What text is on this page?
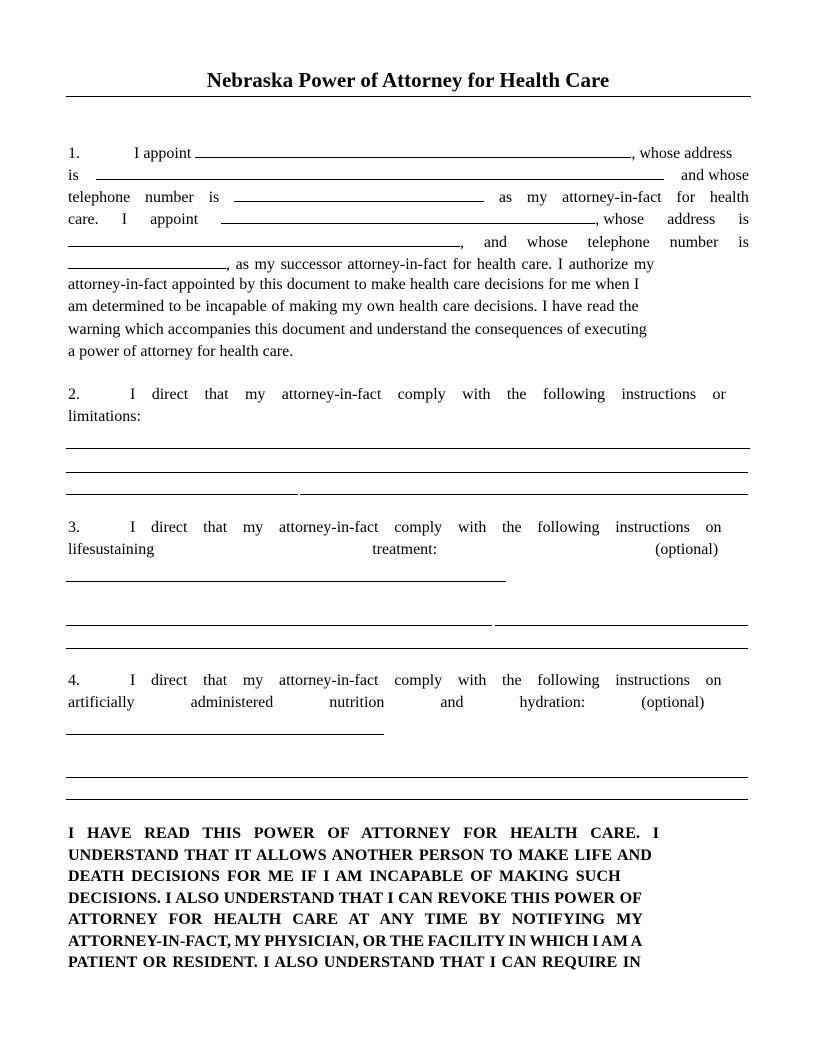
Nebraska Power of Attorney for Health Care
1.	I appoint	, whose address
is	and whose
telephone number is	as my attorney-in-fact for health
care. I appoint	, whose address is
, and whose telephone number is
, as my successor attorney-in-fact for health care. I authorize my
attorney-in-fact appointed by this document to make health care decisions for me when I
am determined to be incapable of making my own health care decisions. I have read the
warning which accompanies this document and understand the consequences of executing
a power of attorney for health care.
2.	I direct that my attorney-in-fact comply with the following instructions or
limitations:
3.	I direct that my attorney-in-fact comply with the following instructions on
lifesustaining treatment: (optional)
4.	I direct that my attorney-in-fact comply with the following instructions on
artificially administered nutrition and hydration: (optional)
I HAVE READ THIS POWER OF ATTORNEY FOR HEALTH CARE. I
UNDERSTAND THAT IT ALLOWS ANOTHER PERSON TO MAKE LIFE AND
DEATH DECISIONS FOR ME IF I AM INCAPABLE OF MAKING SUCH
DECISIONS. I ALSO UNDERSTAND THAT I CAN REVOKE THIS POWER OF
ATTORNEY FOR HEALTH CARE AT ANY TIME BY NOTIFYING MY
ATTORNEY-IN-FACT, MY PHYSICIAN, OR THE FACILITY IN WHICH I AM A
PATIENT OR RESIDENT. I ALSO UNDERSTAND THAT I CAN REQUIRE IN
